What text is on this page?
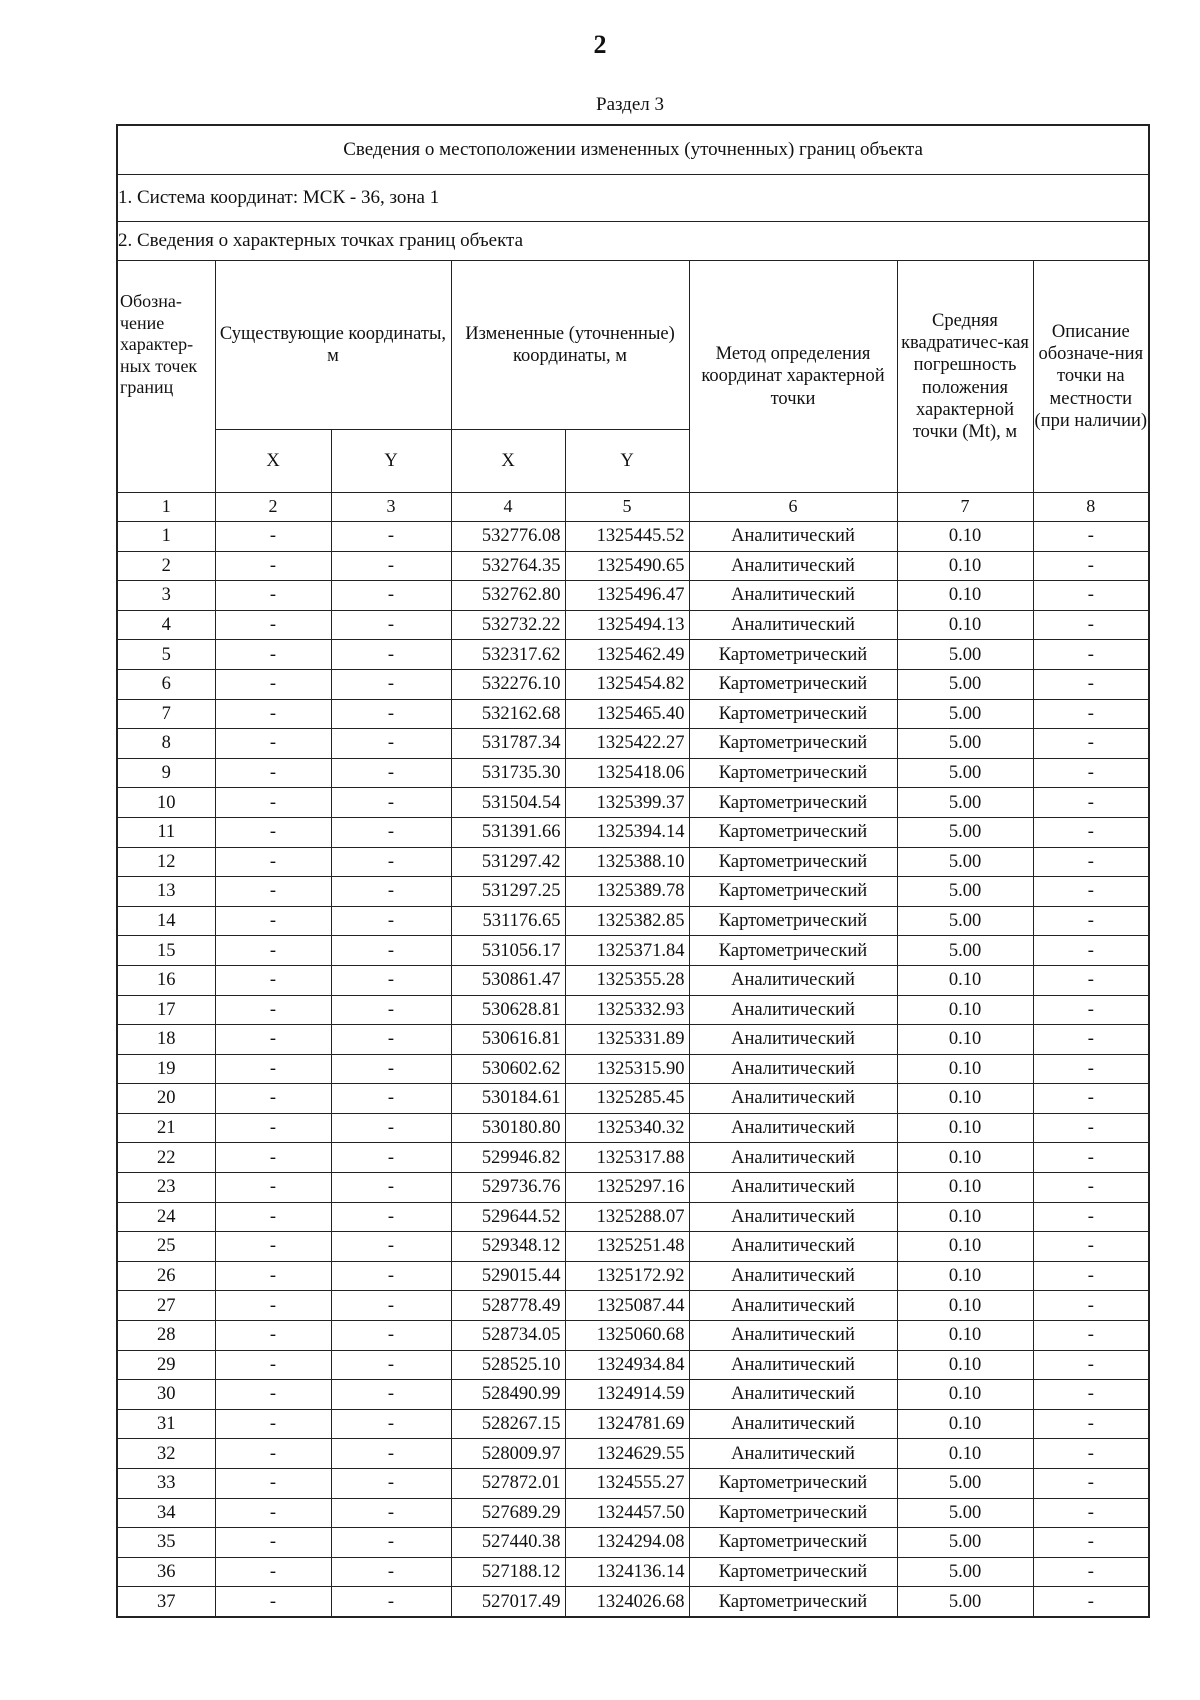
2
Раздел 3
Сведения о местоположении измененных (уточненных) границ объекта							
1. Система координат: МСК - 36, зона 1							
2. Сведения о характерных точках границ объекта							
Обозна-чение характер-ных точек границ	Существующие координаты, м		Измененные (уточненные) координаты, м		Метод определения координат характерной точки	Средняя квадратичес-кая погрешность положения характерной точки (Mt), м	Описание обозначе-ния точки на местности (при наличии)
	X	Y	X	Y			
1	2	3	4	5	6	7	8
1	-	-	532776.08	1325445.52	Аналитический	0.10	-
2	-	-	532764.35	1325490.65	Аналитический	0.10	-
3	-	-	532762.80	1325496.47	Аналитический	0.10	-
4	-	-	532732.22	1325494.13	Аналитический	0.10	-
5	-	-	532317.62	1325462.49	Картометрический	5.00	-
6	-	-	532276.10	1325454.82	Картометрический	5.00	-
7	-	-	532162.68	1325465.40	Картометрический	5.00	-
8	-	-	531787.34	1325422.27	Картометрический	5.00	-
9	-	-	531735.30	1325418.06	Картометрический	5.00	-
10	-	-	531504.54	1325399.37	Картометрический	5.00	-
11	-	-	531391.66	1325394.14	Картометрический	5.00	-
12	-	-	531297.42	1325388.10	Картометрический	5.00	-
13	-	-	531297.25	1325389.78	Картометрический	5.00	-
14	-	-	531176.65	1325382.85	Картометрический	5.00	-
15	-	-	531056.17	1325371.84	Картометрический	5.00	-
16	-	-	530861.47	1325355.28	Аналитический	0.10	-
17	-	-	530628.81	1325332.93	Аналитический	0.10	-
18	-	-	530616.81	1325331.89	Аналитический	0.10	-
19	-	-	530602.62	1325315.90	Аналитический	0.10	-
20	-	-	530184.61	1325285.45	Аналитический	0.10	-
21	-	-	530180.80	1325340.32	Аналитический	0.10	-
22	-	-	529946.82	1325317.88	Аналитический	0.10	-
23	-	-	529736.76	1325297.16	Аналитический	0.10	-
24	-	-	529644.52	1325288.07	Аналитический	0.10	-
25	-	-	529348.12	1325251.48	Аналитический	0.10	-
26	-	-	529015.44	1325172.92	Аналитический	0.10	-
27	-	-	528778.49	1325087.44	Аналитический	0.10	-
28	-	-	528734.05	1325060.68	Аналитический	0.10	-
29	-	-	528525.10	1324934.84	Аналитический	0.10	-
30	-	-	528490.99	1324914.59	Аналитический	0.10	-
31	-	-	528267.15	1324781.69	Аналитический	0.10	-
32	-	-	528009.97	1324629.55	Аналитический	0.10	-
33	-	-	527872.01	1324555.27	Картометрический	5.00	-
34	-	-	527689.29	1324457.50	Картометрический	5.00	-
35	-	-	527440.38	1324294.08	Картометрический	5.00	-
36	-	-	527188.12	1324136.14	Картометрический	5.00	-
37	-	-	527017.49	1324026.68	Картометрический	5.00	-
